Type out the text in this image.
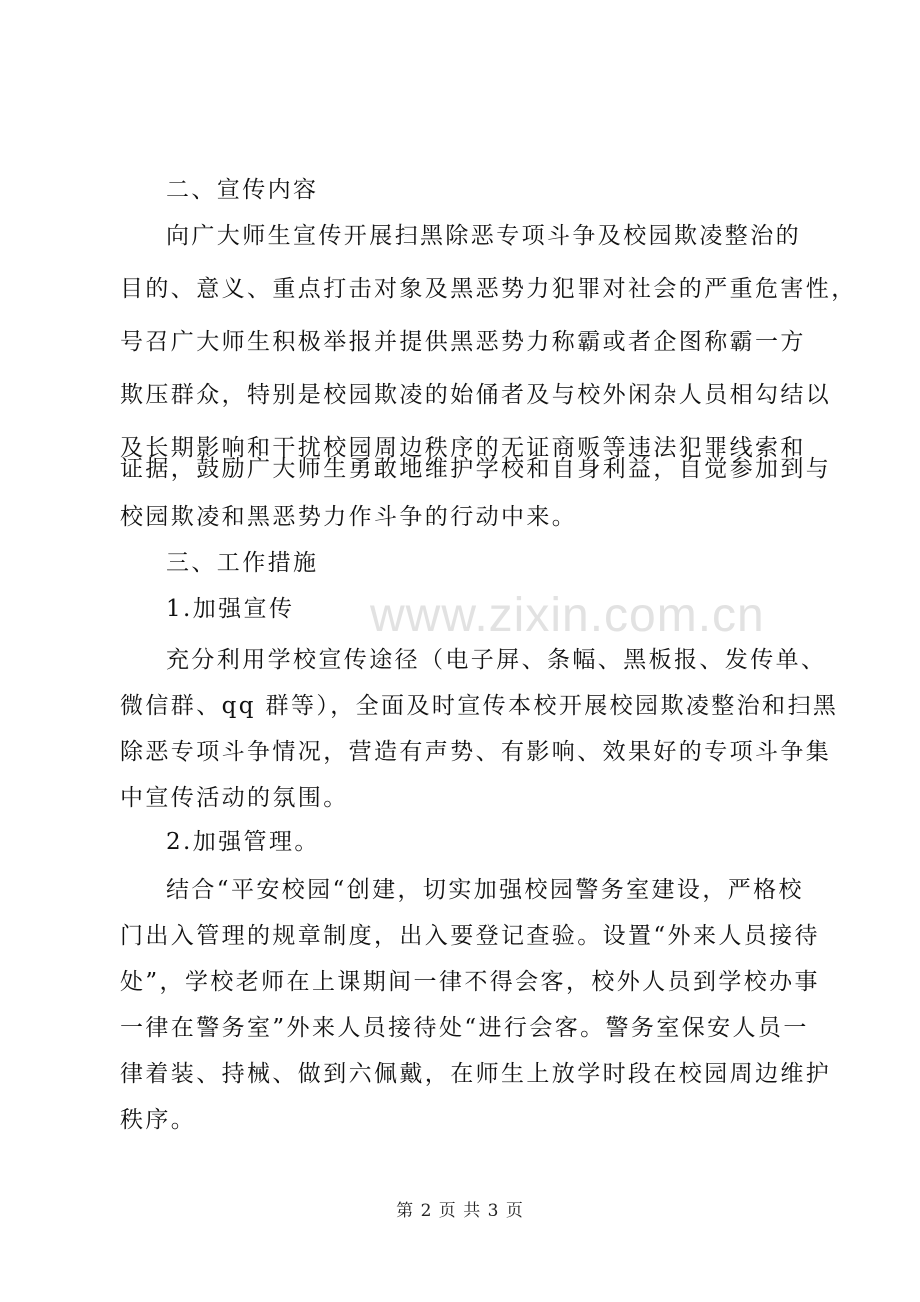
www.zixin.com.cn
二、宣传内容
向广大师生宣传开展扫黑除恶专项斗争及校园欺凌整治的
目的、意义、重点打击对象及黑恶势力犯罪对社会的严重危害性，
号召广大师生积极举报并提供黑恶势力称霸或者企图称霸一方
欺压群众，特别是校园欺凌的始俑者及与校外闲杂人员相勾结以
及长期影响和干扰校园周边秩序的无证商贩等违法犯罪线索和
证据，鼓励广大师生勇敢地维护学校和自身利益，自觉参加到与
校园欺凌和黑恶势力作斗争的行动中来。
三、工作措施
1.加强宣传
充分利用学校宣传途径（电子屏、条幅、黑板报、发传单、
微信群、qq 群等），全面及时宣传本校开展校园欺凌整治和扫黑
除恶专项斗争情况，营造有声势、有影响、效果好的专项斗争集
中宣传活动的氛围。
2.加强管理。
结合“平安校园“创建，切实加强校园警务室建设，严格校
门出入管理的规章制度，出入要登记查验。设置“外来人员接待
处”，学校老师在上课期间一律不得会客，校外人员到学校办事
一律在警务室”外来人员接待处“进行会客。警务室保安人员一
律着装、持械、做到六佩戴，在师生上放学时段在校园周边维护
秩序。
第 2 页 共 3 页
